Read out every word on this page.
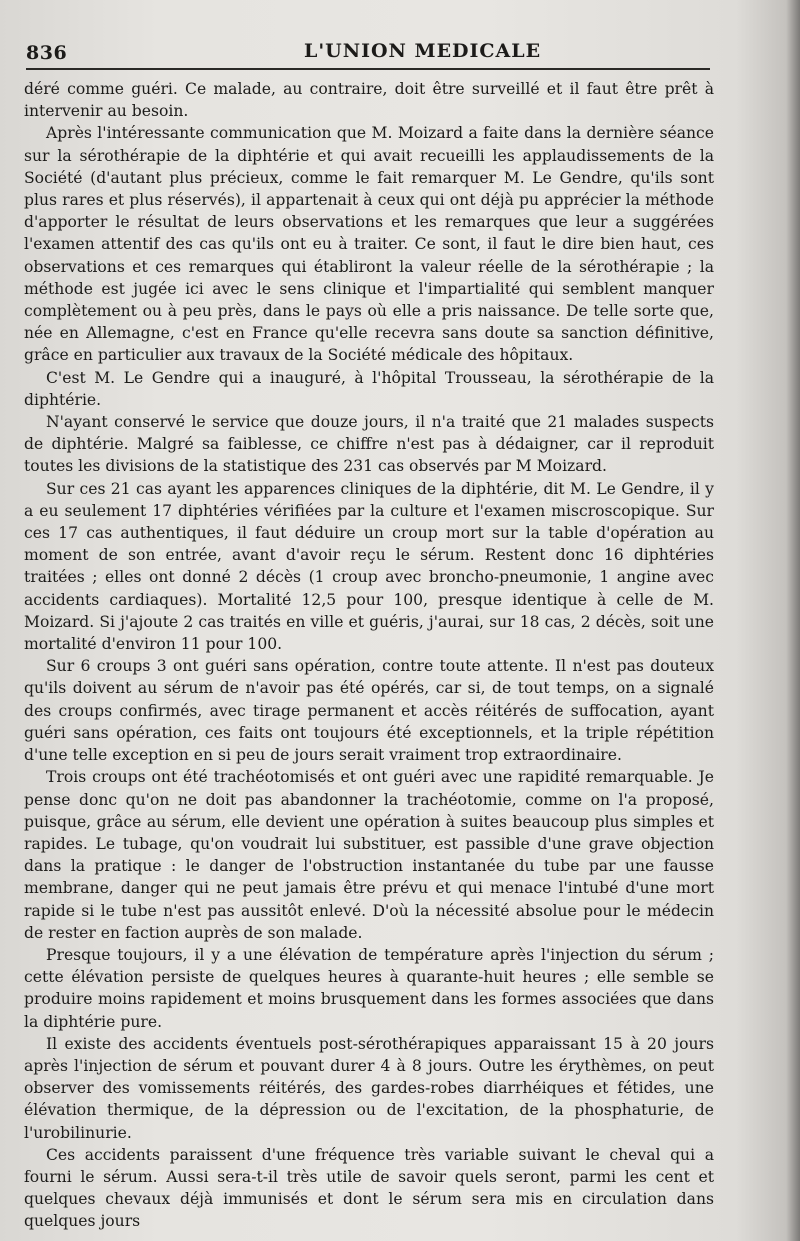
836	L'UNION MEDICALE

déré comme guéri. Ce malade, au contraire, doit être surveillé et il faut être prêt à intervenir au besoin.

Après l'intéressante communication que M. Moizard a faite dans la dernière séance sur la sérothérapie de la diphtérie et qui avait recueilli les applaudissements de la Société (d'autant plus précieux, comme le fait remarquer M. Le Gendre, qu'ils sont plus rares et plus réservés), il appartenait à ceux qui ont déjà pu apprécier la méthode d'apporter le résultat de leurs observations et les remarques que leur a suggérées l'examen attentif des cas qu'ils ont eu à traiter. Ce sont, il faut le dire bien haut, ces observations et ces remarques qui établiront la valeur réelle de la sérothérapie ; la méthode est jugée ici avec le sens clinique et l'impartialité qui semblent manquer complètement ou à peu près, dans le pays où elle a pris naissance. De telle sorte que, née en Allemagne, c'est en France qu'elle recevra sans doute sa sanction définitive, grâce en particulier aux travaux de la Société médicale des hôpitaux.

C'est M. Le Gendre qui a inauguré, à l'hôpital Trousseau, la sérothérapie de la diphtérie.

N'ayant conservé le service que douze jours, il n'a traité que 21 malades suspects de diphtérie. Malgré sa faiblesse, ce chiffre n'est pas à dédaigner, car il reproduit toutes les divisions de la statistique des 231 cas observés par M Moizard.

Sur ces 21 cas ayant les apparences cliniques de la diphtérie, dit M. Le Gendre, il y a eu seulement 17 diphtéries vérifiées par la culture et l'examen miscroscopique. Sur ces 17 cas authentiques, il faut déduire un croup mort sur la table d'opération au moment de son entrée, avant d'avoir reçu le sérum. Restent donc 16 diphtéries traitées ; elles ont donné 2 décès (1 croup avec broncho-pneumonie, 1 angine avec accidents cardiaques). Mortalité 12,5 pour 100, presque identique à celle de M. Moizard. Si j'ajoute 2 cas traités en ville et guéris, j'aurai, sur 18 cas, 2 décès, soit une mortalité d'environ 11 pour 100.

Sur 6 croups 3 ont guéri sans opération, contre toute attente. Il n'est pas douteux qu'ils doivent au sérum de n'avoir pas été opérés, car si, de tout temps, on a signalé des croups confirmés, avec tirage permanent et accès réitérés de suffocation, ayant guéri sans opération, ces faits ont toujours été exceptionnels, et la triple répétition d'une telle exception en si peu de jours serait vraiment trop extraordinaire.

Trois croups ont été trachéotomisés et ont guéri avec une rapidité remarquable. Je pense donc qu'on ne doit pas abandonner la trachéotomie, comme on l'a proposé, puisque, grâce au sérum, elle devient une opération à suites beaucoup plus simples et rapides. Le tubage, qu'on voudrait lui substituer, est passible d'une grave objection dans la pratique : le danger de l'obstruction instantanée du tube par une fausse membrane, danger qui ne peut jamais être prévu et qui menace l'intubé d'une mort rapide si le tube n'est pas aussitôt enlevé. D'où la nécessité absolue pour le médecin de rester en faction auprès de son malade.

Presque toujours, il y a une élévation de température après l'injection du sérum ; cette élévation persiste de quelques heures à quarante-huit heures ; elle semble se produire moins rapidement et moins brusquement dans les formes associées que dans la diphtérie pure.

Il existe des accidents éventuels post-sérothérapiques apparaissant 15 à 20 jours après l'injection de sérum et pouvant durer 4 à 8 jours. Outre les érythèmes, on peut observer des vomissements réitérés, des gardes-robes diarrhéiques et fétides, une élévation thermique, de la dépression ou de l'excitation, de la phosphaturie, de l'urobilinurie.

Ces accidents paraissent d'une fréquence très variable suivant le cheval qui a fourni le sérum. Aussi sera-t-il très utile de savoir quels seront, parmi les cent et quelques chevaux déjà immunisés et dont le sérum sera mis en circulation dans quelques jours
